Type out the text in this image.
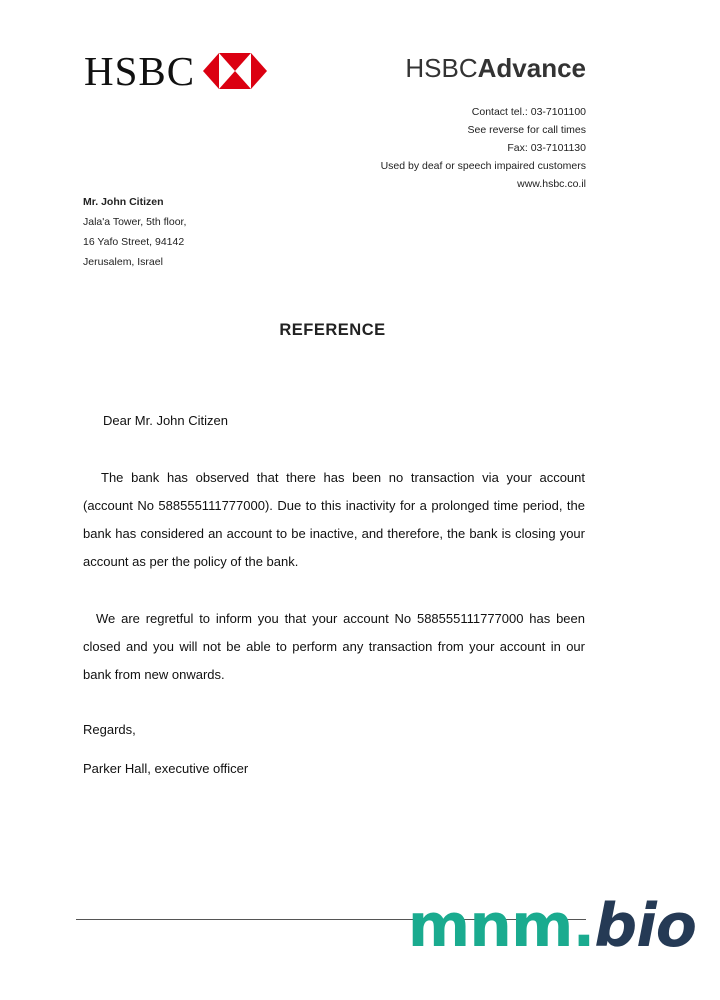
HSBC	HSBCAdvance
Contact tel.: 03-7101100
See reverse for call times
Fax: 03-7101130
Used by deaf or speech impaired customers
www.hsbc.co.il
Mr. John Citizen
Jala'a Tower, 5th floor,
16 Yafo Street, 94142
Jerusalem, Israel
REFERENCE
Dear Mr. John Citizen
The bank has observed that there has been no transaction via your account (account No 588555111777000). Due to this inactivity for a prolonged time period, the bank has considered an account to be inactive, and therefore, the bank is closing your account as per the policy of the bank.
We are regretful to inform you that your account No 588555111777000 has been closed and you will not be able to perform any transaction from your account in our bank from new onwards.
Regards,
Parker Hall, executive officer
mnm.bio
